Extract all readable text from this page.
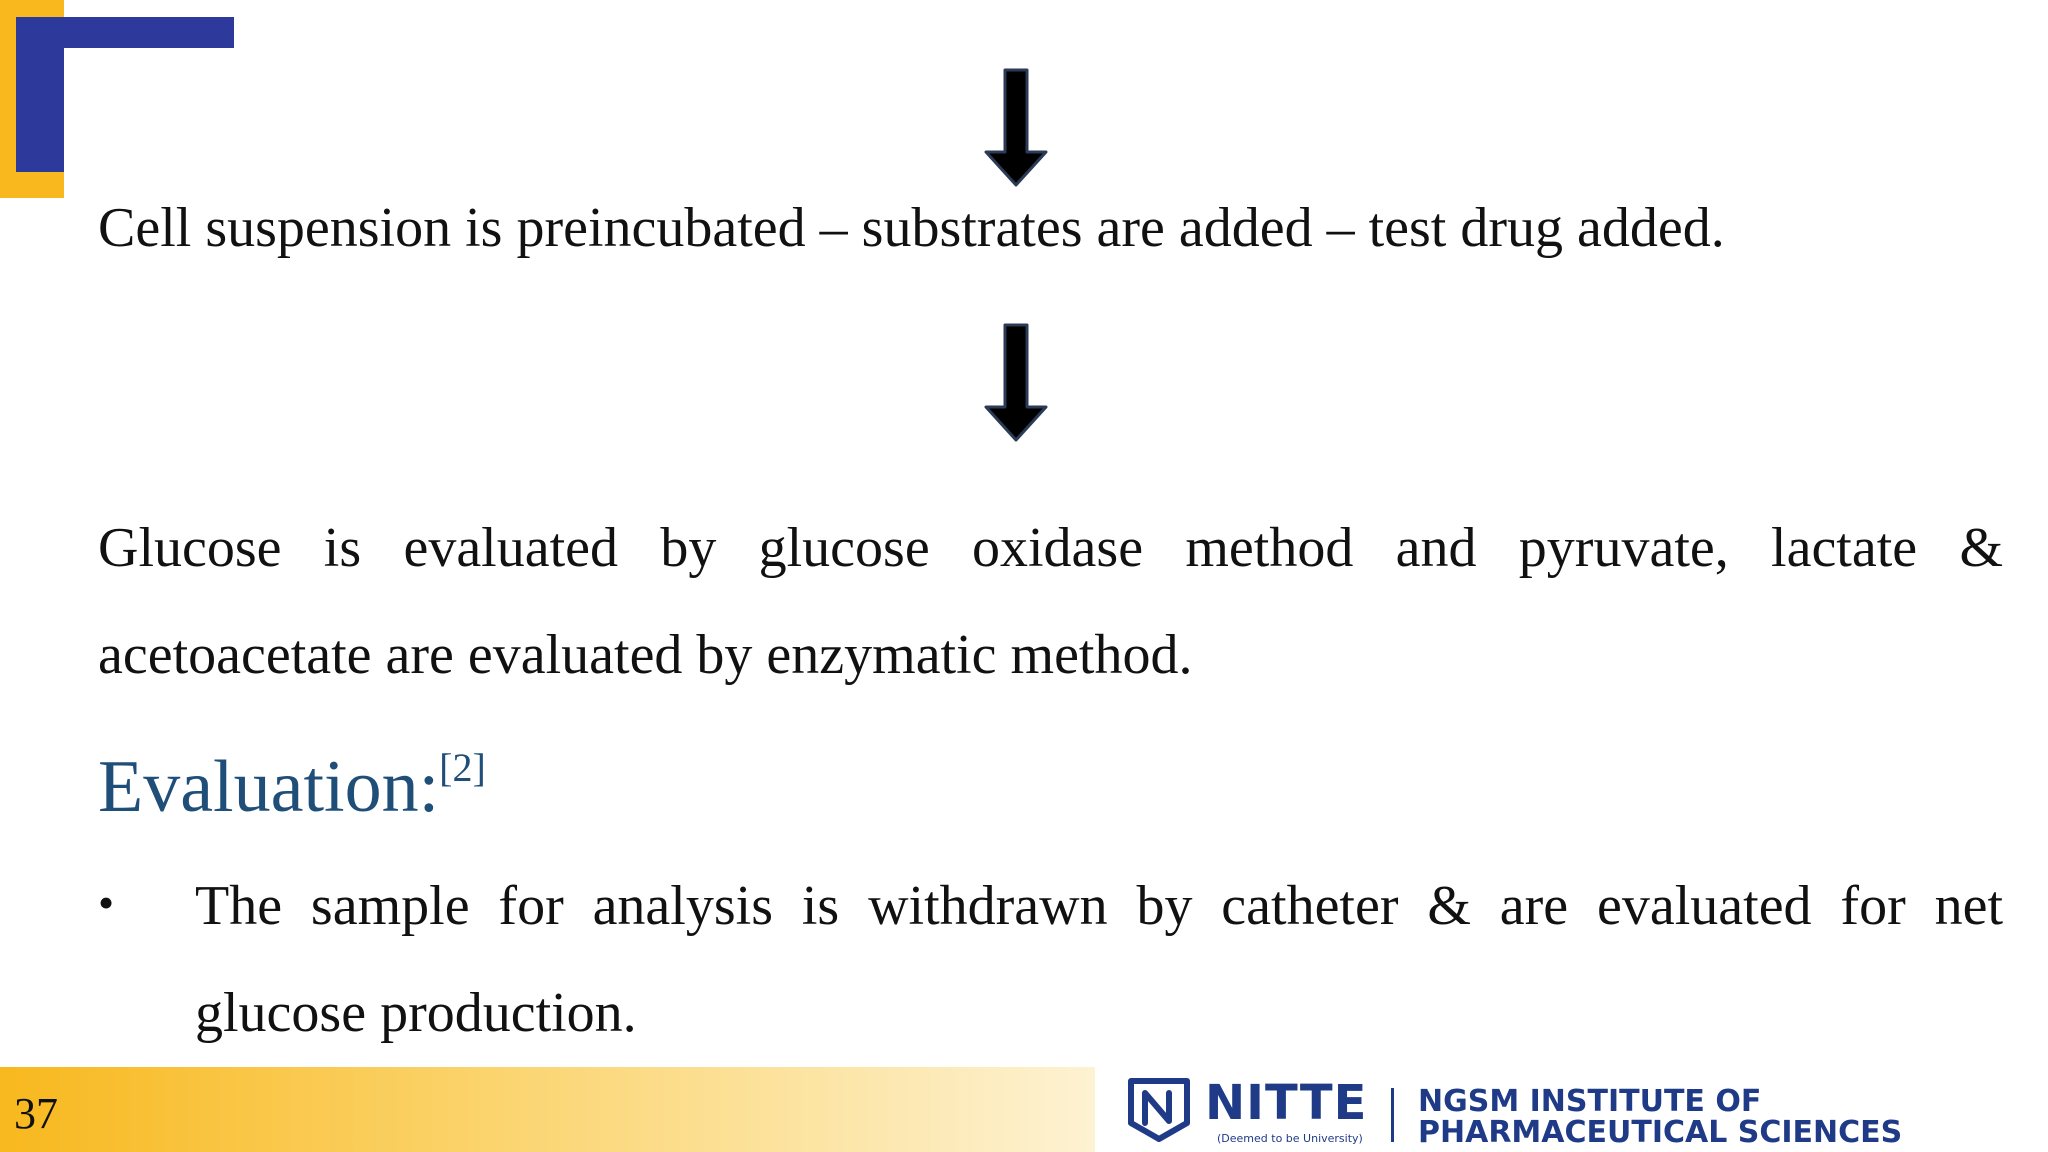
Cell suspension is preincubated – substrates are added – test drug added.
Glucose is evaluated by glucose oxidase method and pyruvate, lactate &
acetoacetate are evaluated by enzymatic method.
Evaluation:[2]
• The sample for analysis is withdrawn by catheter & are evaluated for net
glucose production.
37	NITTE
(Deemed to be University)
NGSM INSTITUTE OF
PHARMACEUTICAL SCIENCES
